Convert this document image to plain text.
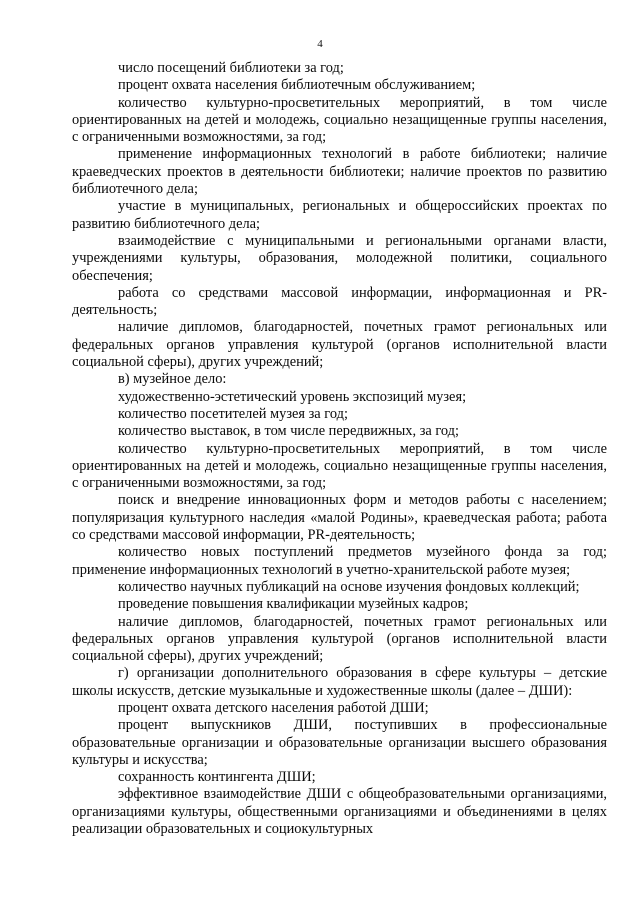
4

число посещений библиотеки за год;

процент охвата населения библиотечным обслуживанием;

количество культурно-просветительных мероприятий, в том числе ориентированных на детей и молодежь, социально незащищенные группы населения, с ограниченными возможностями, за год;

применение информационных технологий в работе библиотеки; наличие краеведческих проектов в деятельности библиотеки; наличие проектов по развитию библиотечного дела;

участие в муниципальных, региональных и общероссийских проектах по развитию библиотечного дела;

взаимодействие с муниципальными и региональными органами власти, учреждениями культуры, образования, молодежной политики, социального обеспечения;

работа со средствами массовой информации, информационная и PR-деятельность;

наличие дипломов, благодарностей, почетных грамот региональных или федеральных органов управления культурой (органов исполнительной власти социальной сферы), других учреждений;

в) музейное дело:

художественно-эстетический уровень экспозиций музея;

количество посетителей музея за год;

количество выставок, в том числе передвижных, за год;

количество культурно-просветительных мероприятий, в том числе ориентированных на детей и молодежь, социально незащищенные группы населения, с ограниченными возможностями, за год;

поиск и внедрение инновационных форм и методов работы с населением; популяризация культурного наследия «малой Родины», краеведческая работа; работа со средствами массовой информации, PR-деятельность;

количество новых поступлений предметов музейного фонда за год; применение информационных технологий в учетно-хранительской работе музея;

количество научных публикаций на основе изучения фондовых коллекций;

проведение повышения квалификации музейных кадров;

наличие дипломов, благодарностей, почетных грамот региональных или федеральных органов управления культурой (органов исполнительной власти социальной сферы), других учреждений;

г) организации дополнительного образования в сфере культуры – детские школы искусств, детские музыкальные и художественные школы (далее – ДШИ):

процент охвата детского населения работой ДШИ;

процент выпускников ДШИ, поступивших в профессиональные образовательные организации и образовательные организации высшего образования культуры и искусства;

сохранность контингента ДШИ;

эффективное взаимодействие ДШИ с общеобразовательными организациями, организациями культуры, общественными организациями и объединениями в целях реализации образовательных и социокультурных
